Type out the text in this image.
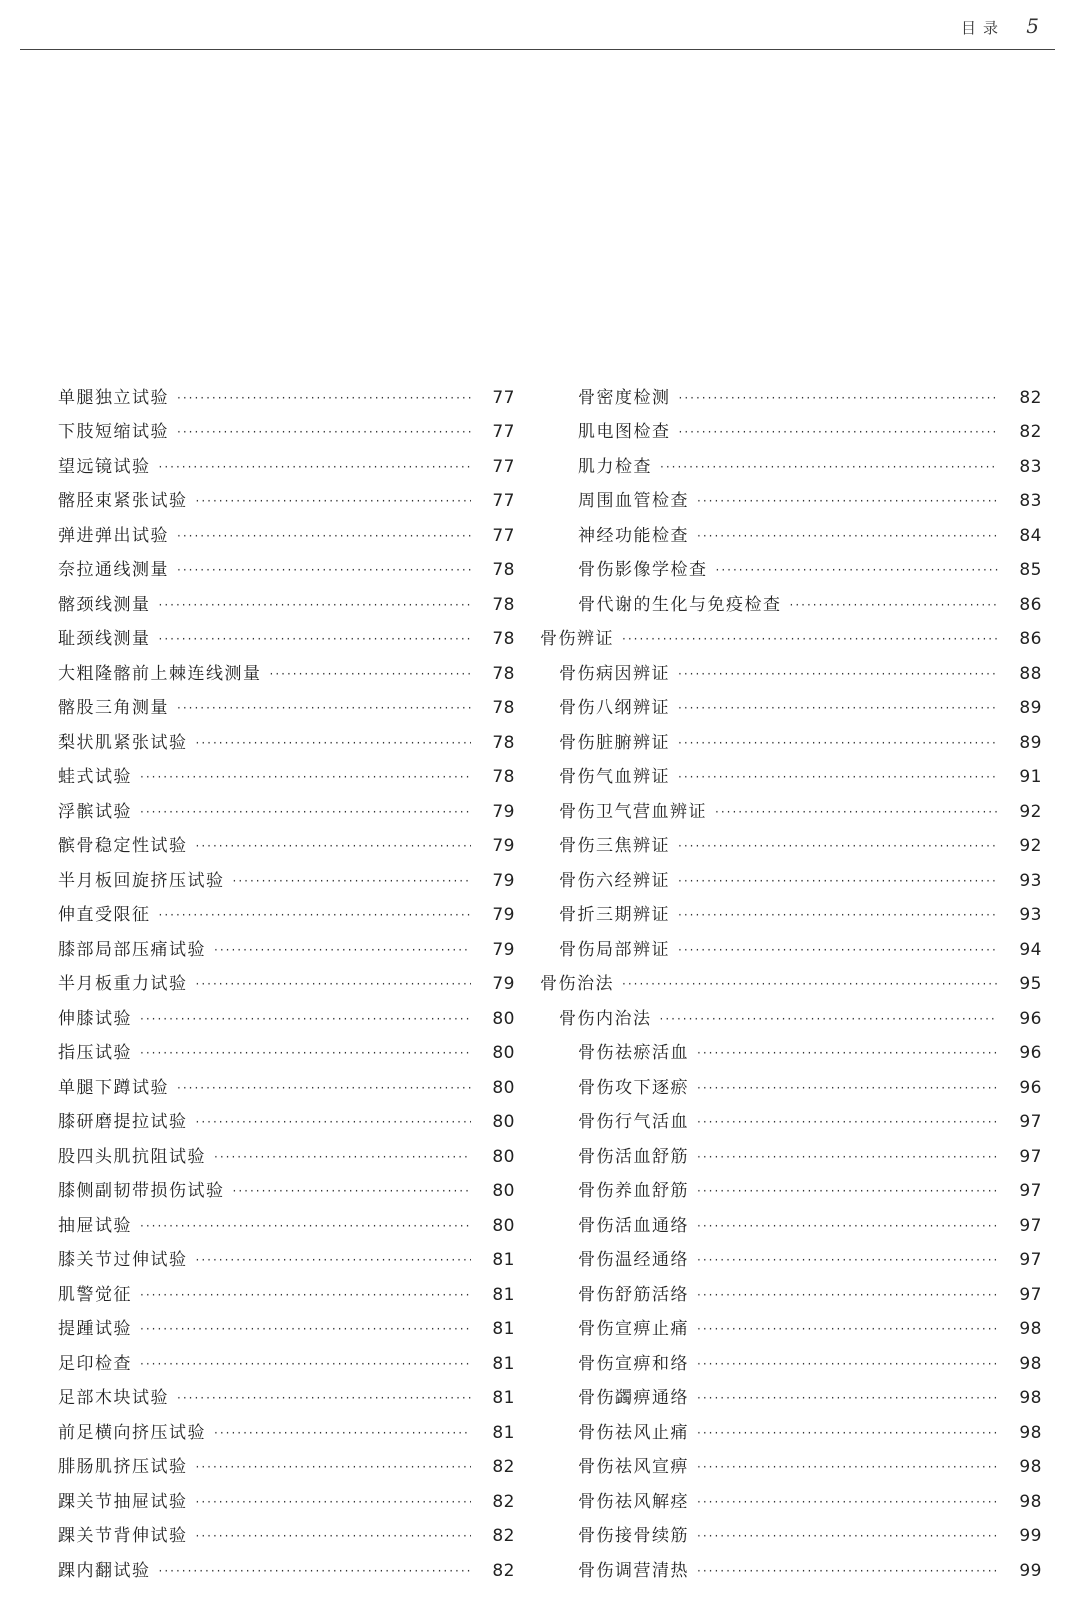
目录 5
单腿独立试验 ·····	77
下肢短缩试验 ·····	77
望远镜试验 ·····	77
髂胫束紧张试验 ·····	77
弹进弹出试验 ·····	77
奈拉通线测量 ·····	78
髂颈线测量 ·····	78
耻颈线测量 ·····	78
大粗隆髂前上棘连线测量 ·····	78
髂股三角测量 ·····	78
梨状肌紧张试验 ·····	78
蛙式试验 ·····	78
浮髌试验 ·····	79
髌骨稳定性试验 ·····	79
半月板回旋挤压试验 ·····	79
伸直受限征 ·····	79
膝部局部压痛试验 ·····	79
半月板重力试验 ·····	79
伸膝试验 ·····	80
指压试验 ·····	80
单腿下蹲试验 ·····	80
膝研磨提拉试验 ·····	80
股四头肌抗阻试验 ·····	80
膝侧副韧带损伤试验 ·····	80
抽屉试验 ·····	80
膝关节过伸试验 ·····	81
肌警觉征 ·····	81
提踵试验 ·····	81
足印检查 ·····	81
足部木块试验 ·····	81
前足横向挤压试验 ·····	81
腓肠肌挤压试验 ·····	82
踝关节抽屉试验 ·····	82
踝关节背伸试验 ·····	82
踝内翻试验 ·····	82
骨密度检测 ·····	82
肌电图检查 ·····	82
肌力检查 ·····	83
周围血管检查 ·····	83
神经功能检查 ·····	84
骨伤影像学检查 ·····	85
骨代谢的生化与免疫检查 ·····	86
骨伤辨证 ·····	86
骨伤病因辨证 ·····	88
骨伤八纲辨证 ·····	89
骨伤脏腑辨证 ·····	89
骨伤气血辨证 ·····	91
骨伤卫气营血辨证 ·····	92
骨伤三焦辨证 ·····	92
骨伤六经辨证 ·····	93
骨折三期辨证 ·····	93
骨伤局部辨证 ·····	94
骨伤治法 ·····	95
骨伤内治法 ·····	96
骨伤祛瘀活血 ·····	96
骨伤攻下逐瘀 ·····	96
骨伤行气活血 ·····	97
骨伤活血舒筋 ·····	97
骨伤养血舒筋 ·····	97
骨伤活血通络 ·····	97
骨伤温经通络 ·····	97
骨伤舒筋活络 ·····	97
骨伤宣痹止痛 ·····	98
骨伤宣痹和络 ·····	98
骨伤蠲痹通络 ·····	98
骨伤祛风止痛 ·····	98
骨伤祛风宣痹 ·····	98
骨伤祛风解痉 ·····	98
骨伤接骨续筋 ·····	99
骨伤调营清热 ·····	99
